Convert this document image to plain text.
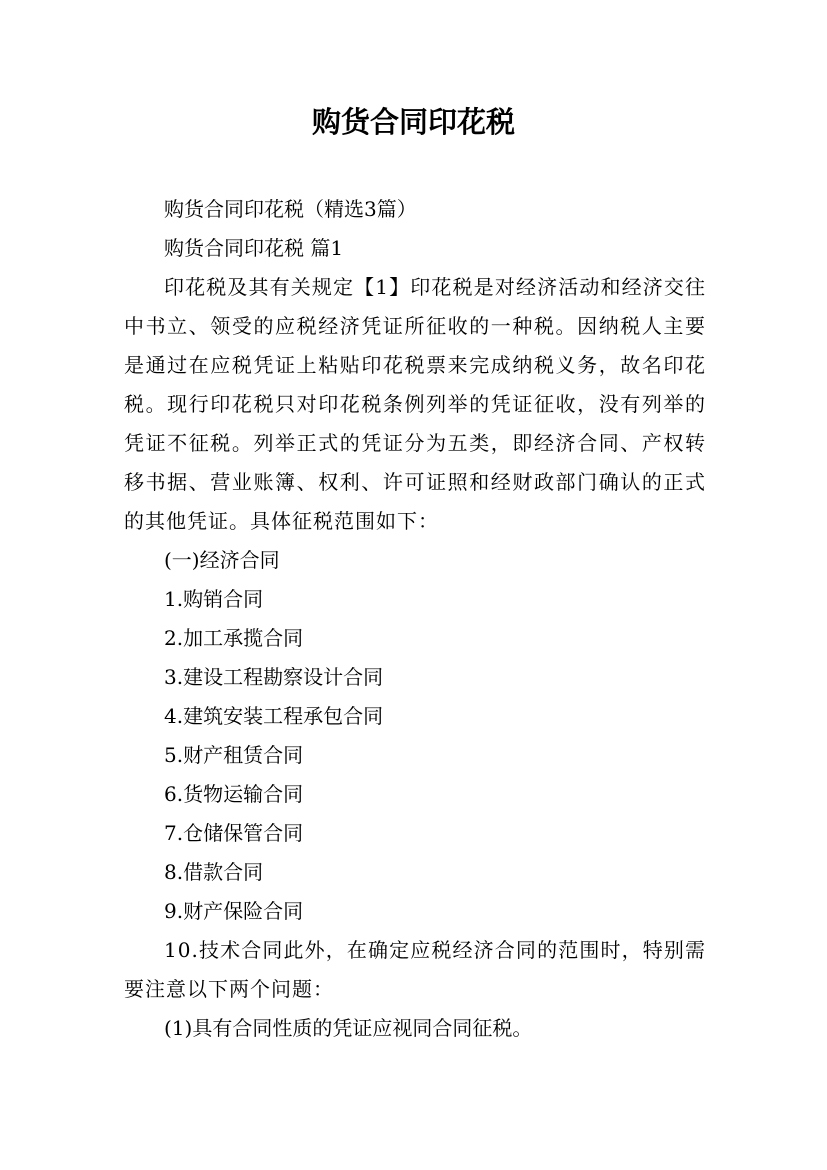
购货合同印花税

购货合同印花税（精选3篇）

购货合同印花税 篇1

印花税及其有关规定【1】印花税是对经济活动和经济交往中书立、领受的应税经济凭证所征收的一种税。因纳税人主要是通过在应税凭证上粘贴印花税票来完成纳税义务，故名印花税。现行印花税只对印花税条例列举的凭证征收，没有列举的凭证不征税。列举正式的凭证分为五类，即经济合同、产权转移书据、营业账簿、权利、许可证照和经财政部门确认的正式的其他凭证。具体征税范围如下：

(一)经济合同

1.购销合同

2.加工承揽合同

3.建设工程勘察设计合同

4.建筑安装工程承包合同

5.财产租赁合同

6.货物运输合同

7.仓储保管合同

8.借款合同

9.财产保险合同

10.技术合同此外，在确定应税经济合同的范围时，特别需要注意以下两个问题：

(1)具有合同性质的凭证应视同合同征税。
